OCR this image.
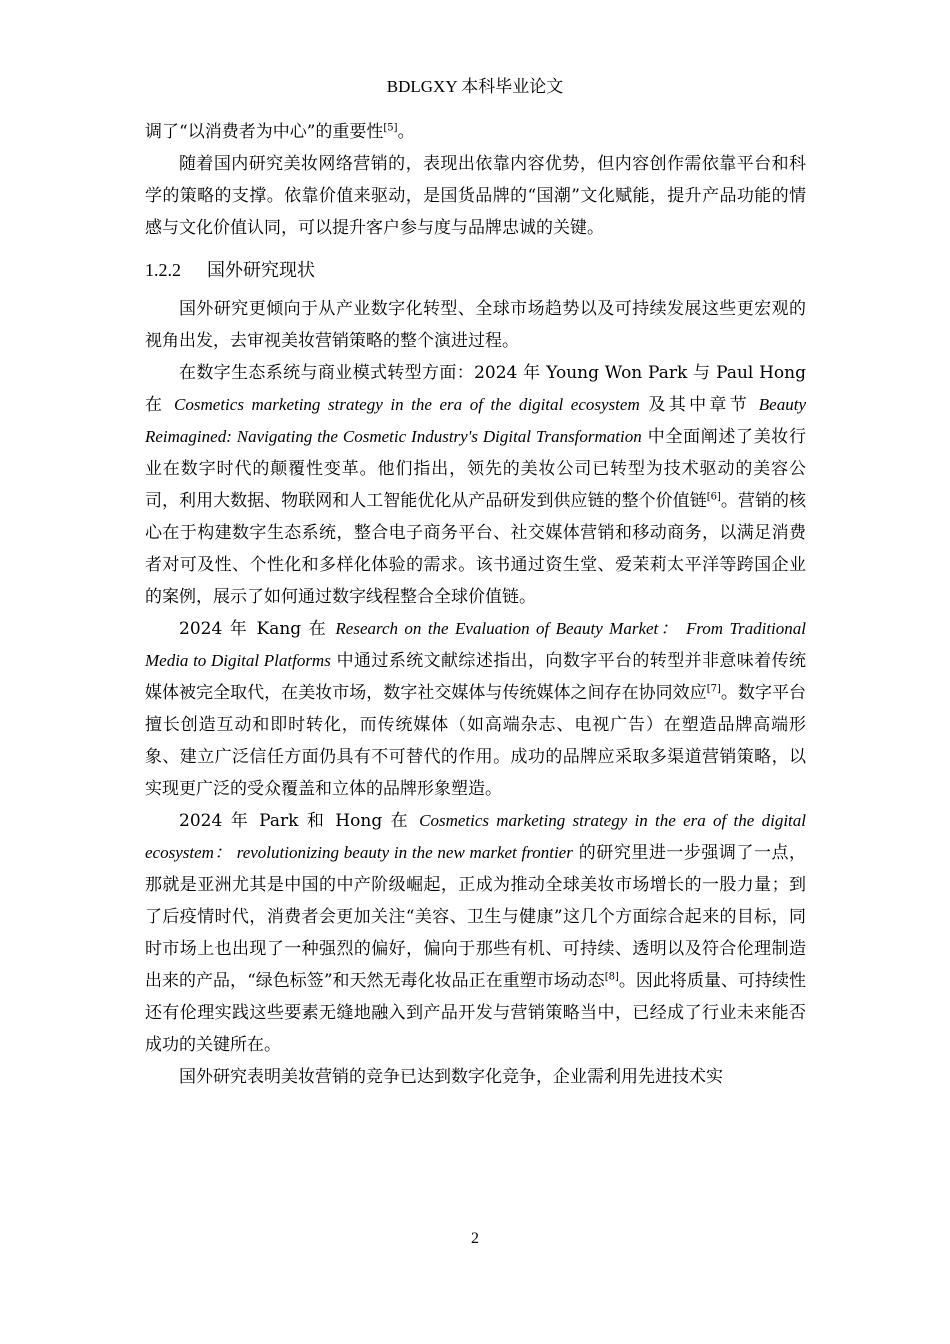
BDLGXY 本科毕业论文

调了“以消费者为中心”的重要性[5]。

随着国内研究美妆网络营销的，表现出依靠内容优势，但内容创作需依靠平台和科学的策略的支撑。依靠价值来驱动，是国货品牌的“国潮”文化赋能，提升产品功能的情感与文化价值认同，可以提升客户参与度与品牌忠诚的关键。

1.2.2 国外研究现状

国外研究更倾向于从产业数字化转型、全球市场趋势以及可持续发展这些更宏观的视角出发，去审视美妆营销策略的整个演进过程。

在数字生态系统与商业模式转型方面：2024 年 Young Won Park 与 Paul Hong 在 Cosmetics marketing strategy in the era of the digital ecosystem 及其中章节 Beauty Reimagined: Navigating the Cosmetic Industry's Digital Transformation 中全面阐述了美妆行业在数字时代的颠覆性变革。他们指出，领先的美妆公司已转型为技术驱动的美容公司，利用大数据、物联网和人工智能优化从产品研发到供应链的整个价值链[6]。营销的核心在于构建数字生态系统，整合电子商务平台、社交媒体营销和移动商务，以满足消费者对可及性、个性化和多样化体验的需求。该书通过资生堂、爱茉莉太平洋等跨国企业的案例，展示了如何通过数字线程整合全球价值链。

2024 年 Kang 在 Research on the Evaluation of Beauty Market： From Traditional Media to Digital Platforms 中通过系统文献综述指出，向数字平台的转型并非意味着传统媒体被完全取代，在美妆市场，数字社交媒体与传统媒体之间存在协同效应[7]。数字平台擅长创造互动和即时转化，而传统媒体（如高端杂志、电视广告）在塑造品牌高端形象、建立广泛信任方面仍具有不可替代的作用。成功的品牌应采取多渠道营销策略，以实现更广泛的受众覆盖和立体的品牌形象塑造。

2024 年 Park 和 Hong 在 Cosmetics marketing strategy in the era of the digital ecosystem： revolutionizing beauty in the new market frontier 的研究里进一步强调了一点，那就是亚洲尤其是中国的中产阶级崛起，正成为推动全球美妆市场增长的一股力量；到了后疫情时代，消费者会更加关注“美容、卫生与健康”这几个方面综合起来的目标，同时市场上也出现了一种强烈的偏好，偏向于那些有机、可持续、透明以及符合伦理制造出来的产品，“绿色标签”和天然无毒化妆品正在重塑市场动态[8]。因此将质量、可持续性还有伦理实践这些要素无缝地融入到产品开发与营销策略当中，已经成了行业未来能否成功的关键所在。

国外研究表明美妆营销的竞争已达到数字化竞争，企业需利用先进技术实

2
